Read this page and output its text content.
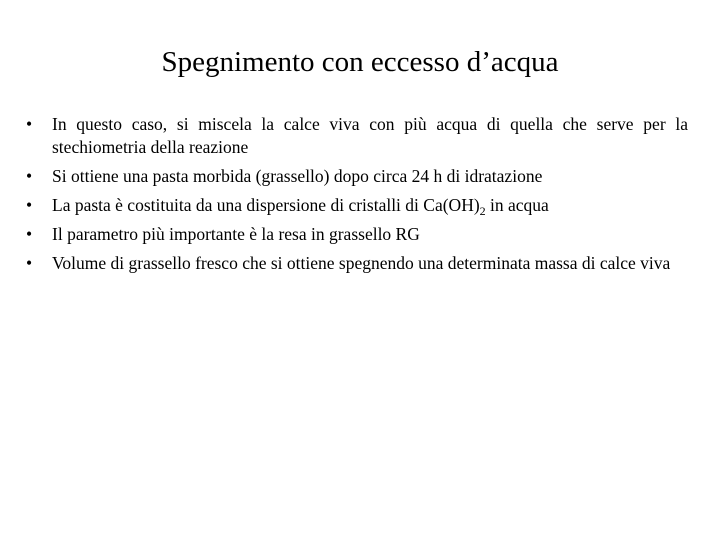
Spegnimento con eccesso d’acqua
•	In questo caso, si miscela la calce viva con più acqua di quella che serve per la stechiometria della reazione
•	Si ottiene una pasta morbida (grassello) dopo circa 24 h di idratazione
•	La pasta è costituita da una dispersione di cristalli di $Ca(OH)_2$ in acqua
•	Il parametro più importante è la resa in grassello RG
•	Volume di grassello fresco che si ottiene spegnendo una determinata massa di calce viva
